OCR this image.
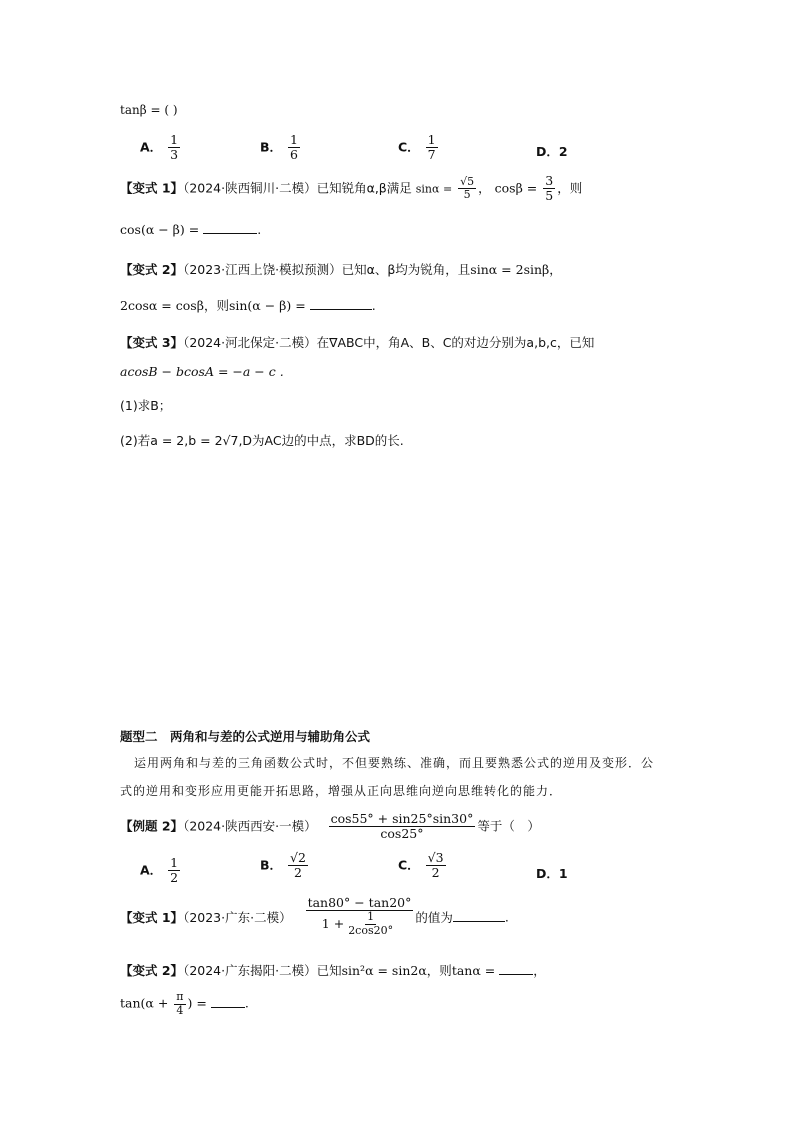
tanβ = ( )
A． $\frac{1}{3}$	B． $\frac{1}{6}$	C． $\frac{1}{7}$	D．2
【变式 1】（2024·陕西铜川·二模）已知锐角α,β满足 $\sin\alpha = \frac{√5}{5}$ ， $\cos\beta = \frac{3}{5}$ ，则
cos(α − β) =	.
【变式 2】（2023·江西上饶·模拟预测）已知α、β均为锐角，且sinα = 2sinβ，
2cosα = cosβ，则sin(α − β) =	.
【变式 3】（2024·河北保定·二模）在∇ABC中，角A、B、C的对边分别为a,b,c，已知
acosB − bcosA = −a − c .
(1)求B；
(2)若a = 2,b = 2√7,D为AC边的中点，求BD的长.
题型二　两角和与差的公式逆用与辅助角公式
运用两角和与差的三角函数公式时，不但要熟练、准确，而且要熟悉公式的逆用及变形．公
式的逆用和变形应用更能开拓思路，增强从正向思维向逆向思维转化的能力．
【例题 2】（2024·陕西西安·一模） $\frac{\cos 55^\circ + \sin 25^\circ\sin 30^\circ}{\cos 25^\circ}$ 等于（　）
A． $\frac{1}{2}$	B． $\frac{√2}{2}$	C． $\frac{√3}{2}$	D．1
【变式 1】（2023·广东·二模） $\frac{\tan 80^\circ - \tan 20^\circ}{1 + \frac{1}{2\cos 20^\circ}}$ 的值为	.
【变式 2】（2024·广东揭阳·二模）已知sin²α = sin2α，则tanα =	，
$\tan(\alpha + \frac{\pi}{4}$ ) =	.
